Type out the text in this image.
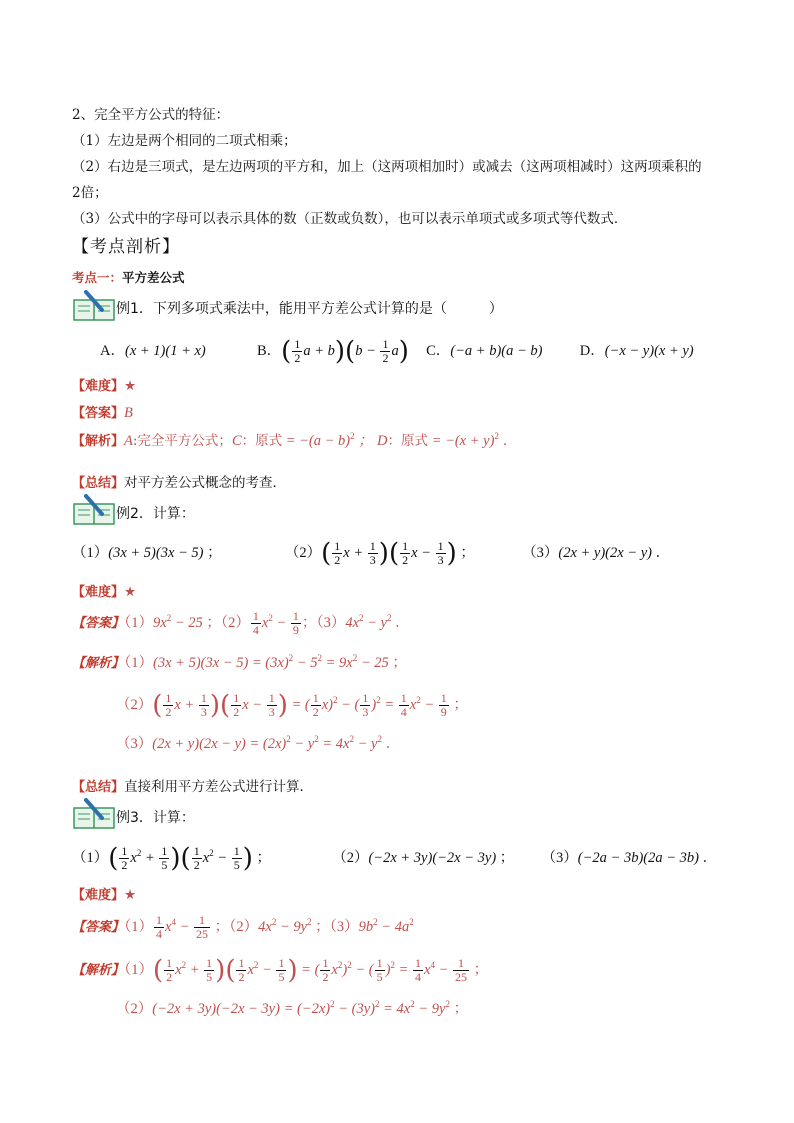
2、完全平方公式的特征：
（1）左边是两个相同的二项式相乘；
（2）右边是三项式，是左边两项的平方和，加上（这两项相加时）或减去（这两项相减时）这两项乘积的
2倍；
（3）公式中的字母可以表示具体的数（正数或负数），也可以表示单项式或多项式等代数式．
【考点剖析】
考点一：平方差公式
例1．下列多项式乘法中，能用平方差公式计算的是（　　　）
A．(x + 1)(1 + x)	B．( $\frac{1}{2}$ $a + b)(b - \frac{1}{2} a)$ C．(−a + b)(a − b)	D．(−x − y)(x + y)
【难度】★
【答案】B
【解析】A:完全平方公式；C：原式 = $-(a - b)^2$ ； D：原式 = $-(x + y)^2$ ．
【总结】对平方差公式概念的考查．
例2．计算：
（1）(3x + 5)(3x − 5) ；	$(2)( \frac{1}{2}$ $x + \frac{1}{3}$ )( $\frac{1}{2}$ $x - \frac{1}{3}$ ) ；	（3）(2x + y)(2x − y) ．
【难度】★
【答案】$(1)9x^2 - 25$ ；$(2) \frac{1}{4} x^2 - \frac{1}{9}$ ；$(3)4x^2 - y^2$ ．
【解析】$(1)(3x + 5)(3x - 5) = (3x)^2 - 5^2 = 9x^2 - 25$ ；
$(2)( \frac{1}{2}$ $x + \frac{1}{3}$ )( $\frac{1}{2}$ $x - \frac{1}{3}$ ) = ( $\frac{1}{2} x)^2$ − ( $\frac{1}{3} )^2 = \frac{1}{4} x^2 - \frac{1}{9}$ ；
$(3)(2x + y)(2x - y) = (2x)^2 - y^2 = 4x^2 - y^2$ ．
【总结】直接利用平方差公式进行计算．
例3．计算：
$(1)( \frac{1}{2} x^2 + \frac{1}{5}$ )( $\frac{1}{2} x^2 - \frac{1}{5}$ ) ；	（2）(−2x + 3y)(−2x − 3y) ； （3）(−2a − 3b)(2a − 3b) ．
【难度】★
【答案】$(1) \frac{1}{4} x^4 - \frac{1}{25}$ ；$(2)4x^2 - 9y^2$ ；$(3)9b^2 - 4a^2$
【解析】$(1)( \frac{1}{2} x^2 + \frac{1}{5}$ )( $\frac{1}{2} x^2 - \frac{1}{5}$ ) = ( $\frac{1}{2} x^2)^2$ − ( $\frac{1}{5} )^2 = \frac{1}{4} x^4 - \frac{1}{25}$ ；
$(2)(-2x + 3y)(-2x - 3y) = (-2x)^2 - (3y)^2 = 4x^2 - 9y^2$ ；
